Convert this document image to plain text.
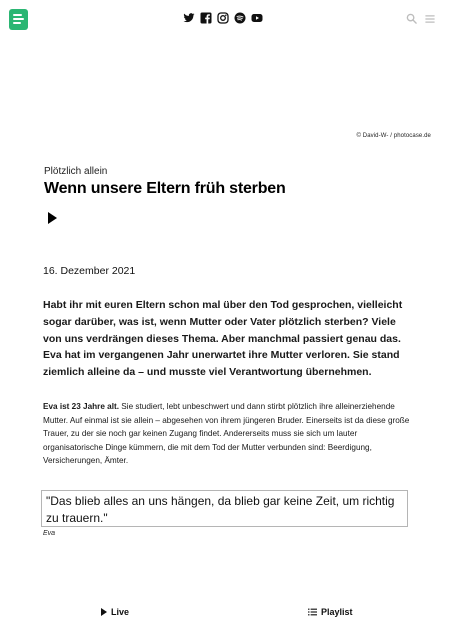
© David-W- / photocase.de
Plötzlich allein
Wenn unsere Eltern früh sterben
16. Dezember 2021

Habt ihr mit euren Eltern schon mal über den Tod gesprochen, vielleicht sogar darüber, was ist, wenn Mutter oder Vater plötzlich sterben? Viele von uns verdrängen dieses Thema. Aber manchmal passiert genau das. Eva hat im vergangenen Jahr unerwartet ihre Mutter verloren. Sie stand ziemlich alleine da – und musste viel Verantwortung übernehmen.

Eva ist 23 Jahre alt. Sie studiert, lebt unbeschwert und dann stirbt plötzlich ihre alleinerziehende Mutter. Auf einmal ist sie allein – abgesehen von ihrem jüngeren Bruder. Einerseits ist da diese große Trauer, zu der sie noch gar keinen Zugang findet. Andererseits muss sie sich um lauter organisatorische Dinge kümmern, die mit dem Tod der Mutter verbunden sind: Beerdigung, Versicherungen, Ämter.

"Das blieb alles an uns hängen, da blieb gar keine Zeit, um richtig zu trauern."
Eva
Live	Playlist
